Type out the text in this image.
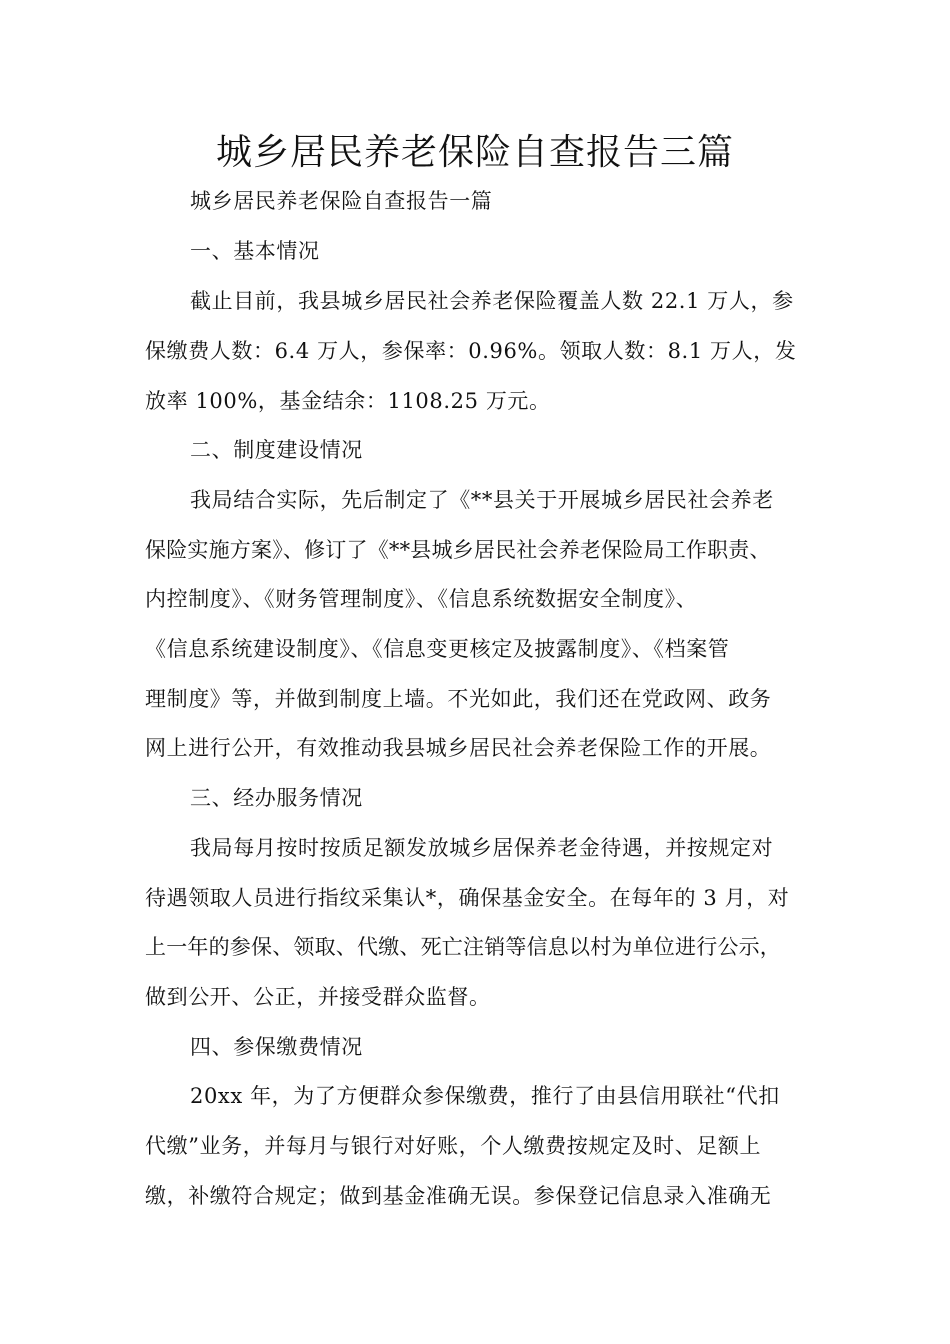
城乡居民养老保险自查报告三篇

城乡居民养老保险自查报告一篇

一、基本情况

截止目前，我县城乡居民社会养老保险覆盖人数 22.1 万人，参

保缴费人数：6.4 万人，参保率：0.96%。领取人数：8.1 万人，发

放率 100%，基金结余：1108.25 万元。

二、制度建设情况

我局结合实际，先后制定了《**县关于开展城乡居民社会养老

保险实施方案》、修订了《**县城乡居民社会养老保险局工作职责、

内控制度》、《财务管理制度》、《信息系统数据安全制度》、

《信息系统建设制度》、《信息变更核定及披露制度》、《档案管

理制度》等，并做到制度上墙。不光如此，我们还在党政网、政务

网上进行公开，有效推动我县城乡居民社会养老保险工作的开展。

三、经办服务情况

我局每月按时按质足额发放城乡居保养老金待遇，并按规定对

待遇领取人员进行指纹采集认*，确保基金安全。在每年的 3 月，对

上一年的参保、领取、代缴、死亡注销等信息以村为单位进行公示，

做到公开、公正，并接受群众监督。

四、参保缴费情况

20xx 年，为了方便群众参保缴费，推行了由县信用联社“代扣

代缴”业务，并每月与银行对好账，个人缴费按规定及时、足额上

缴，补缴符合规定；做到基金准确无误。参保登记信息录入准确无
